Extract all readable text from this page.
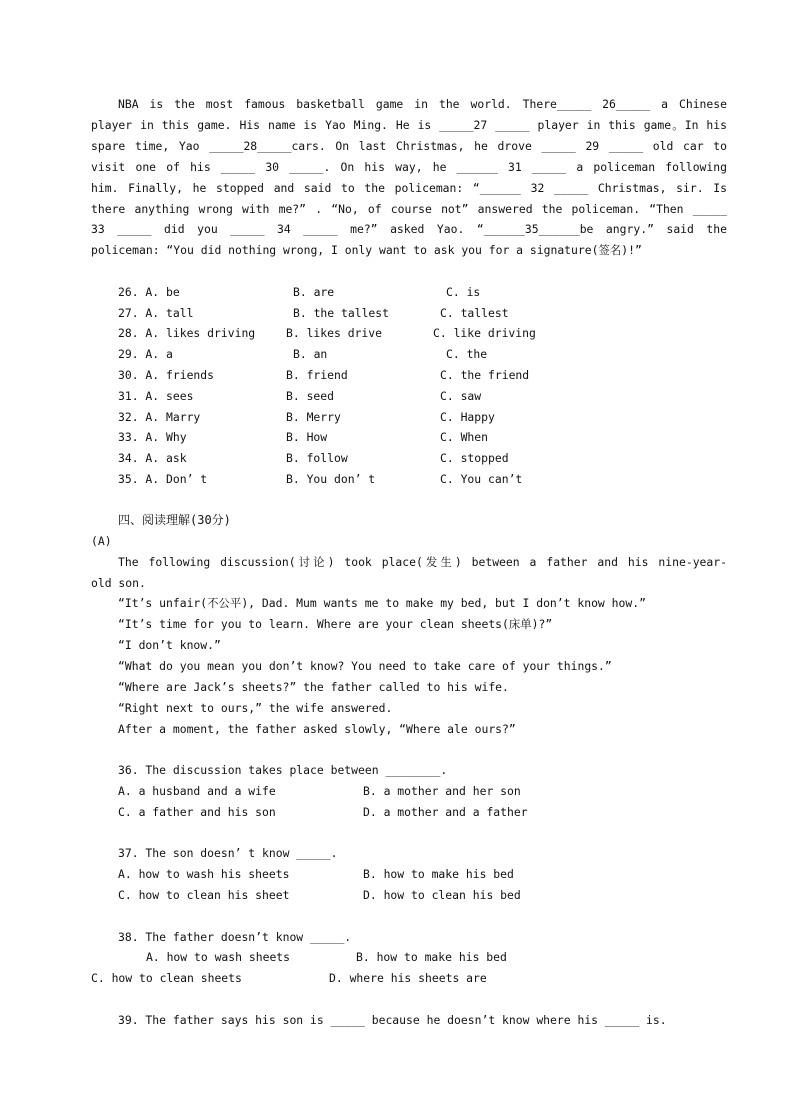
NBA is the most famous basketball game in the world. There_____ 26_____ a Chinese
player in this game. His name is Yao Ming. He is _____27 _____ player in this game。In his
spare time, Yao _____28_____cars. On last Christmas, he drove _____ 29 _____ old car to
visit one of his _____ 30 _____. On his way, he ______ 31 _____ a policeman following
him. Finally, he stopped and said to the policeman: “______ 32 _____ Christmas, sir. Is
there anything wrong with me?” . “No, of course not” answered the policeman. “Then _____
33 _____ did you _____ 34 _____ me?” asked Yao. “______35______be angry.” said the
policeman: “You did nothing wrong, I only want to ask you for a signature(签名)!”
26. A. be	B. are	C. is
27. A. tall	B. the tallest	C. tallest
28. A. likes driving	B. likes drive	C. like driving
29. A. a	B. an	C. the
30. A. friends	B. friend	C. the friend
31. A. sees	B. seed	C. saw
32. A. Marry	B. Merry	C. Happy
33. A. Why	B. How	C. When
34. A. ask	B. follow	C. stopped
35. A. Don’ t	B. You don’ t	C. You can’t
四、阅读理解(30分)
(A)
The following discussion(讨论) took place(发生) between a father and his nine-year-
old son.
“It’s unfair(不公平), Dad. Mum wants me to make my bed, but I don’t know how.”
“It’s time for you to learn. Where are your clean sheets(床单)?”
“I don’t know.”
“What do you mean you don’t know? You need to take care of your things.”
“Where are Jack’s sheets?” the father called to his wife.
“Right next to ours,” the wife answered.
After a moment, the father asked slowly, “Where ale ours?”
36. The discussion takes place between ________.
A. a husband and a wife	B. a mother and her son
C. a father and his son	D. a mother and a father
37. The son doesn’ t know _____.
A. how to wash his sheets	B. how to make his bed
C. how to clean his sheet	D. how to clean his bed
38. The father doesn’t know _____.
A. how to wash sheets	B. how to make his bed
C. how to clean sheets	D. where his sheets are
39. The father says his son is _____ because he doesn’t know where his _____ is.
